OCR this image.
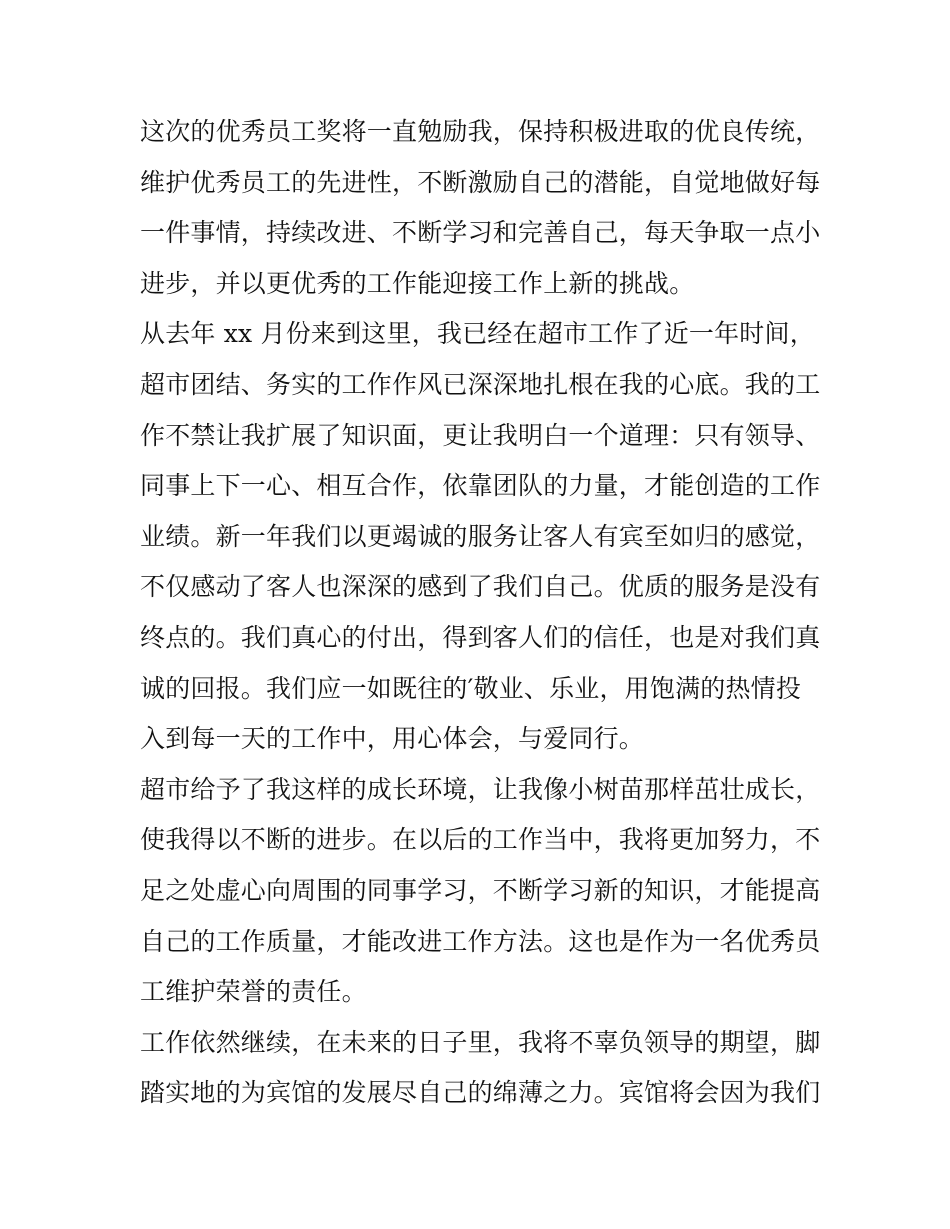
这次的优秀员工奖将一直勉励我，保持积极进取的优良传统，
维护优秀员工的先进性，不断激励自己的潜能，自觉地做好每
一件事情，持续改进、不断学习和完善自己，每天争取一点小
进步，并以更优秀的工作能迎接工作上新的挑战。
从去年 xx 月份来到这里，我已经在超市工作了近一年时间，
超市团结、务实的工作作风已深深地扎根在我的心底。我的工
作不禁让我扩展了知识面，更让我明白一个道理：只有领导、
同事上下一心、相互合作，依靠团队的力量，才能创造的工作
业绩。新一年我们以更竭诚的服务让客人有宾至如归的感觉，
不仅感动了客人也深深的感到了我们自己。优质的服务是没有
终点的。我们真心的付出，得到客人们的信任，也是对我们真
诚的回报。我们应一如既往的′敬业、乐业，用饱满的热情投
入到每一天的工作中，用心体会，与爱同行。
超市给予了我这样的成长环境，让我像小树苗那样茁壮成长，
使我得以不断的进步。在以后的工作当中，我将更加努力，不
足之处虚心向周围的同事学习，不断学习新的知识，才能提高
自己的工作质量，才能改进工作方法。这也是作为一名优秀员
工维护荣誉的责任。
工作依然继续，在未来的日子里，我将不辜负领导的期望，脚
踏实地的为宾馆的发展尽自己的绵薄之力。宾馆将会因为我们
